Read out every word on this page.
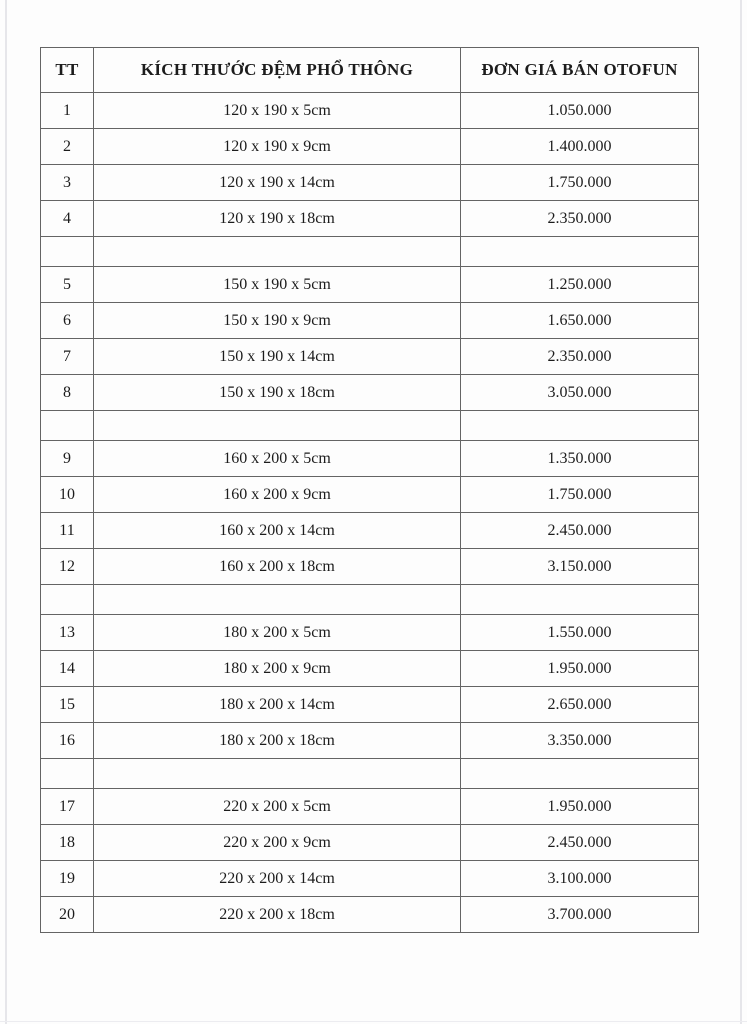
TT	KÍCH THƯỚC ĐỆM PHỔ THÔNG	ĐƠN GIÁ BÁN OTOFUN
1	120 x 190 x 5cm	1.050.000
2	120 x 190 x 9cm	1.400.000
3	120 x 190 x 14cm	1.750.000
4	120 x 190 x 18cm	2.350.000

5	150 x 190 x 5cm	1.250.000
6	150 x 190 x 9cm	1.650.000
7	150 x 190 x 14cm	2.350.000
8	150 x 190 x 18cm	3.050.000

9	160 x 200 x 5cm	1.350.000
10	160 x 200 x 9cm	1.750.000
11	160 x 200 x 14cm	2.450.000
12	160 x 200 x 18cm	3.150.000

13	180 x 200 x 5cm	1.550.000
14	180 x 200 x 9cm	1.950.000
15	180 x 200 x 14cm	2.650.000
16	180 x 200 x 18cm	3.350.000

17	220 x 200 x 5cm	1.950.000
18	220 x 200 x 9cm	2.450.000
19	220 x 200 x 14cm	3.100.000
20	220 x 200 x 18cm	3.700.000
